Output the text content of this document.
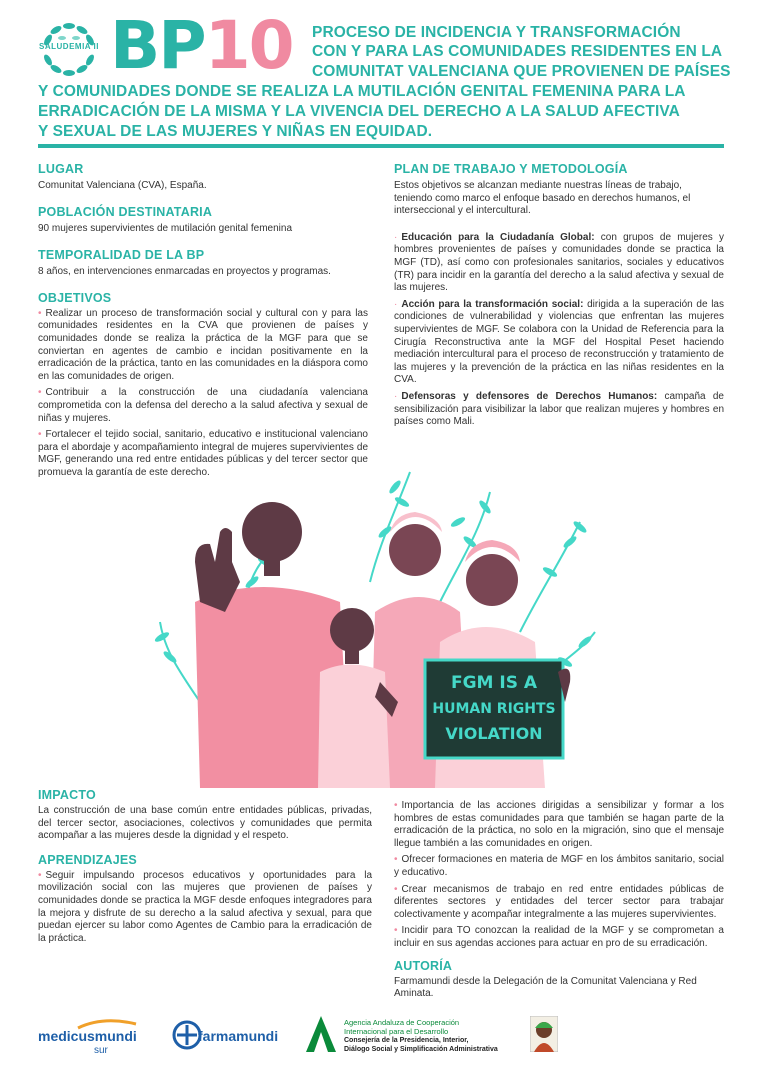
SALUDEMIA II BP10 PROCESO DE INCIDENCIA Y TRANSFORMACIÓN
CON Y PARA LAS COMUNIDADES RESIDENTES EN LA
COMUNITAT VALENCIANA QUE PROVIENEN DE PAÍSES
Y COMUNIDADES DONDE SE REALIZA LA MUTILACIÓN GENITAL FEMENINA PARA LA
ERRADICACIÓN DE LA MISMA Y LA VIVENCIA DEL DERECHO A LA SALUD AFECTIVA
Y SEXUAL DE LAS MUJERES Y NIÑAS EN EQUIDAD.
LUGAR
Comunitat Valenciana (CVA), España.
POBLACIÓN DESTINATARIA
90 mujeres supervivientes de mutilación genital femenina
TEMPORALIDAD DE LA BP
8 años, en intervenciones enmarcadas en proyectos y programas.
OBJETIVOS

• Realizar un proceso de transformación social y cultural con y para las comunidades residentes en la CVA que provienen de países y comunidades donde se realiza la práctica de la MGF para que se conviertan en agentes de cambio e incidan positivamente en la erradicación de la práctica, tanto en las comunidades en la diáspora como en las comunidades de origen.

• Contribuir a la construcción de una ciudadanía valenciana comprometida con la defensa del derecho a la salud afectiva y sexual de niñas y mujeres.

• Fortalecer el tejido social, sanitario, educativo e institucional valenciano para el abordaje y acompañamiento integral de mujeres supervivientes de MGF, generando una red entre entidades públicas y del tercer sector que promueva la garantía de este derecho.

PLAN DE TRABAJO Y METODOLOGÍA
Estos objetivos se alcanzan mediante nuestras líneas de trabajo, teniendo como marco el enfoque basado en derechos humanos, el interseccional y el intercultural.

· Educación para la Ciudadanía Global: con grupos de mujeres y hombres provenientes de países y comunidades donde se practica la MGF (TD), así como con profesionales sanitarios, sociales y educativos (TR) para incidir en la garantía del derecho a la salud afectiva y sexual de las mujeres.

· Acción para la transformación social: dirigida a la superación de las condiciones de vulnerabilidad y violencias que enfrentan las mujeres supervivientes de MGF. Se colabora con la Unidad de Referencia para la Cirugía Reconstructiva ante la MGF del Hospital Peset haciendo mediación intercultural para el proceso de reconstrucción y tratamiento de las mujeres y la prevención de la práctica en las niñas residentes en la CVA.

· Defensoras y defensores de Derechos Humanos: campaña de sensibilización para visibilizar la labor que realizan mujeres y hombres en países como Mali.

FGM IS A
HUMAN RIGHTS
VIOLATION
IMPACTO
La construcción de una base común entre entidades públicas, privadas, del tercer sector, asociaciones, colectivos y comunidades que permita acompañar a las mujeres desde la dignidad y el respeto.
APRENDIZAJES

• Seguir impulsando procesos educativos y oportunidades para la movilización social con las mujeres que provienen de países y comunidades donde se practica la MGF desde enfoques integradores para la mejora y disfrute de su derecho a la salud afectiva y sexual, para que puedan ejercer su labor como Agentes de Cambio para la erradicación de la práctica.

• Importancia de las acciones dirigidas a sensibilizar y formar a los hombres de estas comunidades para que también se hagan parte de la erradicación de la práctica, no solo en la migración, sino que el mensaje llegue también a las comunidades en origen.

• Ofrecer formaciones en materia de MGF en los ámbitos sanitario, social y educativo.

• Crear mecanismos de trabajo en red entre entidades públicas de diferentes sectores y entidades del tercer sector para trabajar colectivamente y acompañar integralmente a las mujeres supervivientes.

• Incidir para TO conozcan la realidad de la MGF y se comprometan a incluir en sus agendas acciones para actuar en pro de su erradicación.

AUTORÍA
Farmamundi desde la Delegación de la Comunitat Valenciana y Red Aminata.
medicusmundi
sur
farmamundi
Agencia Andaluza de Cooperación
Internacional para el Desarrollo
Consejería de la Presidencia, Interior,
Diálogo Social y Simplificación Administrativa
